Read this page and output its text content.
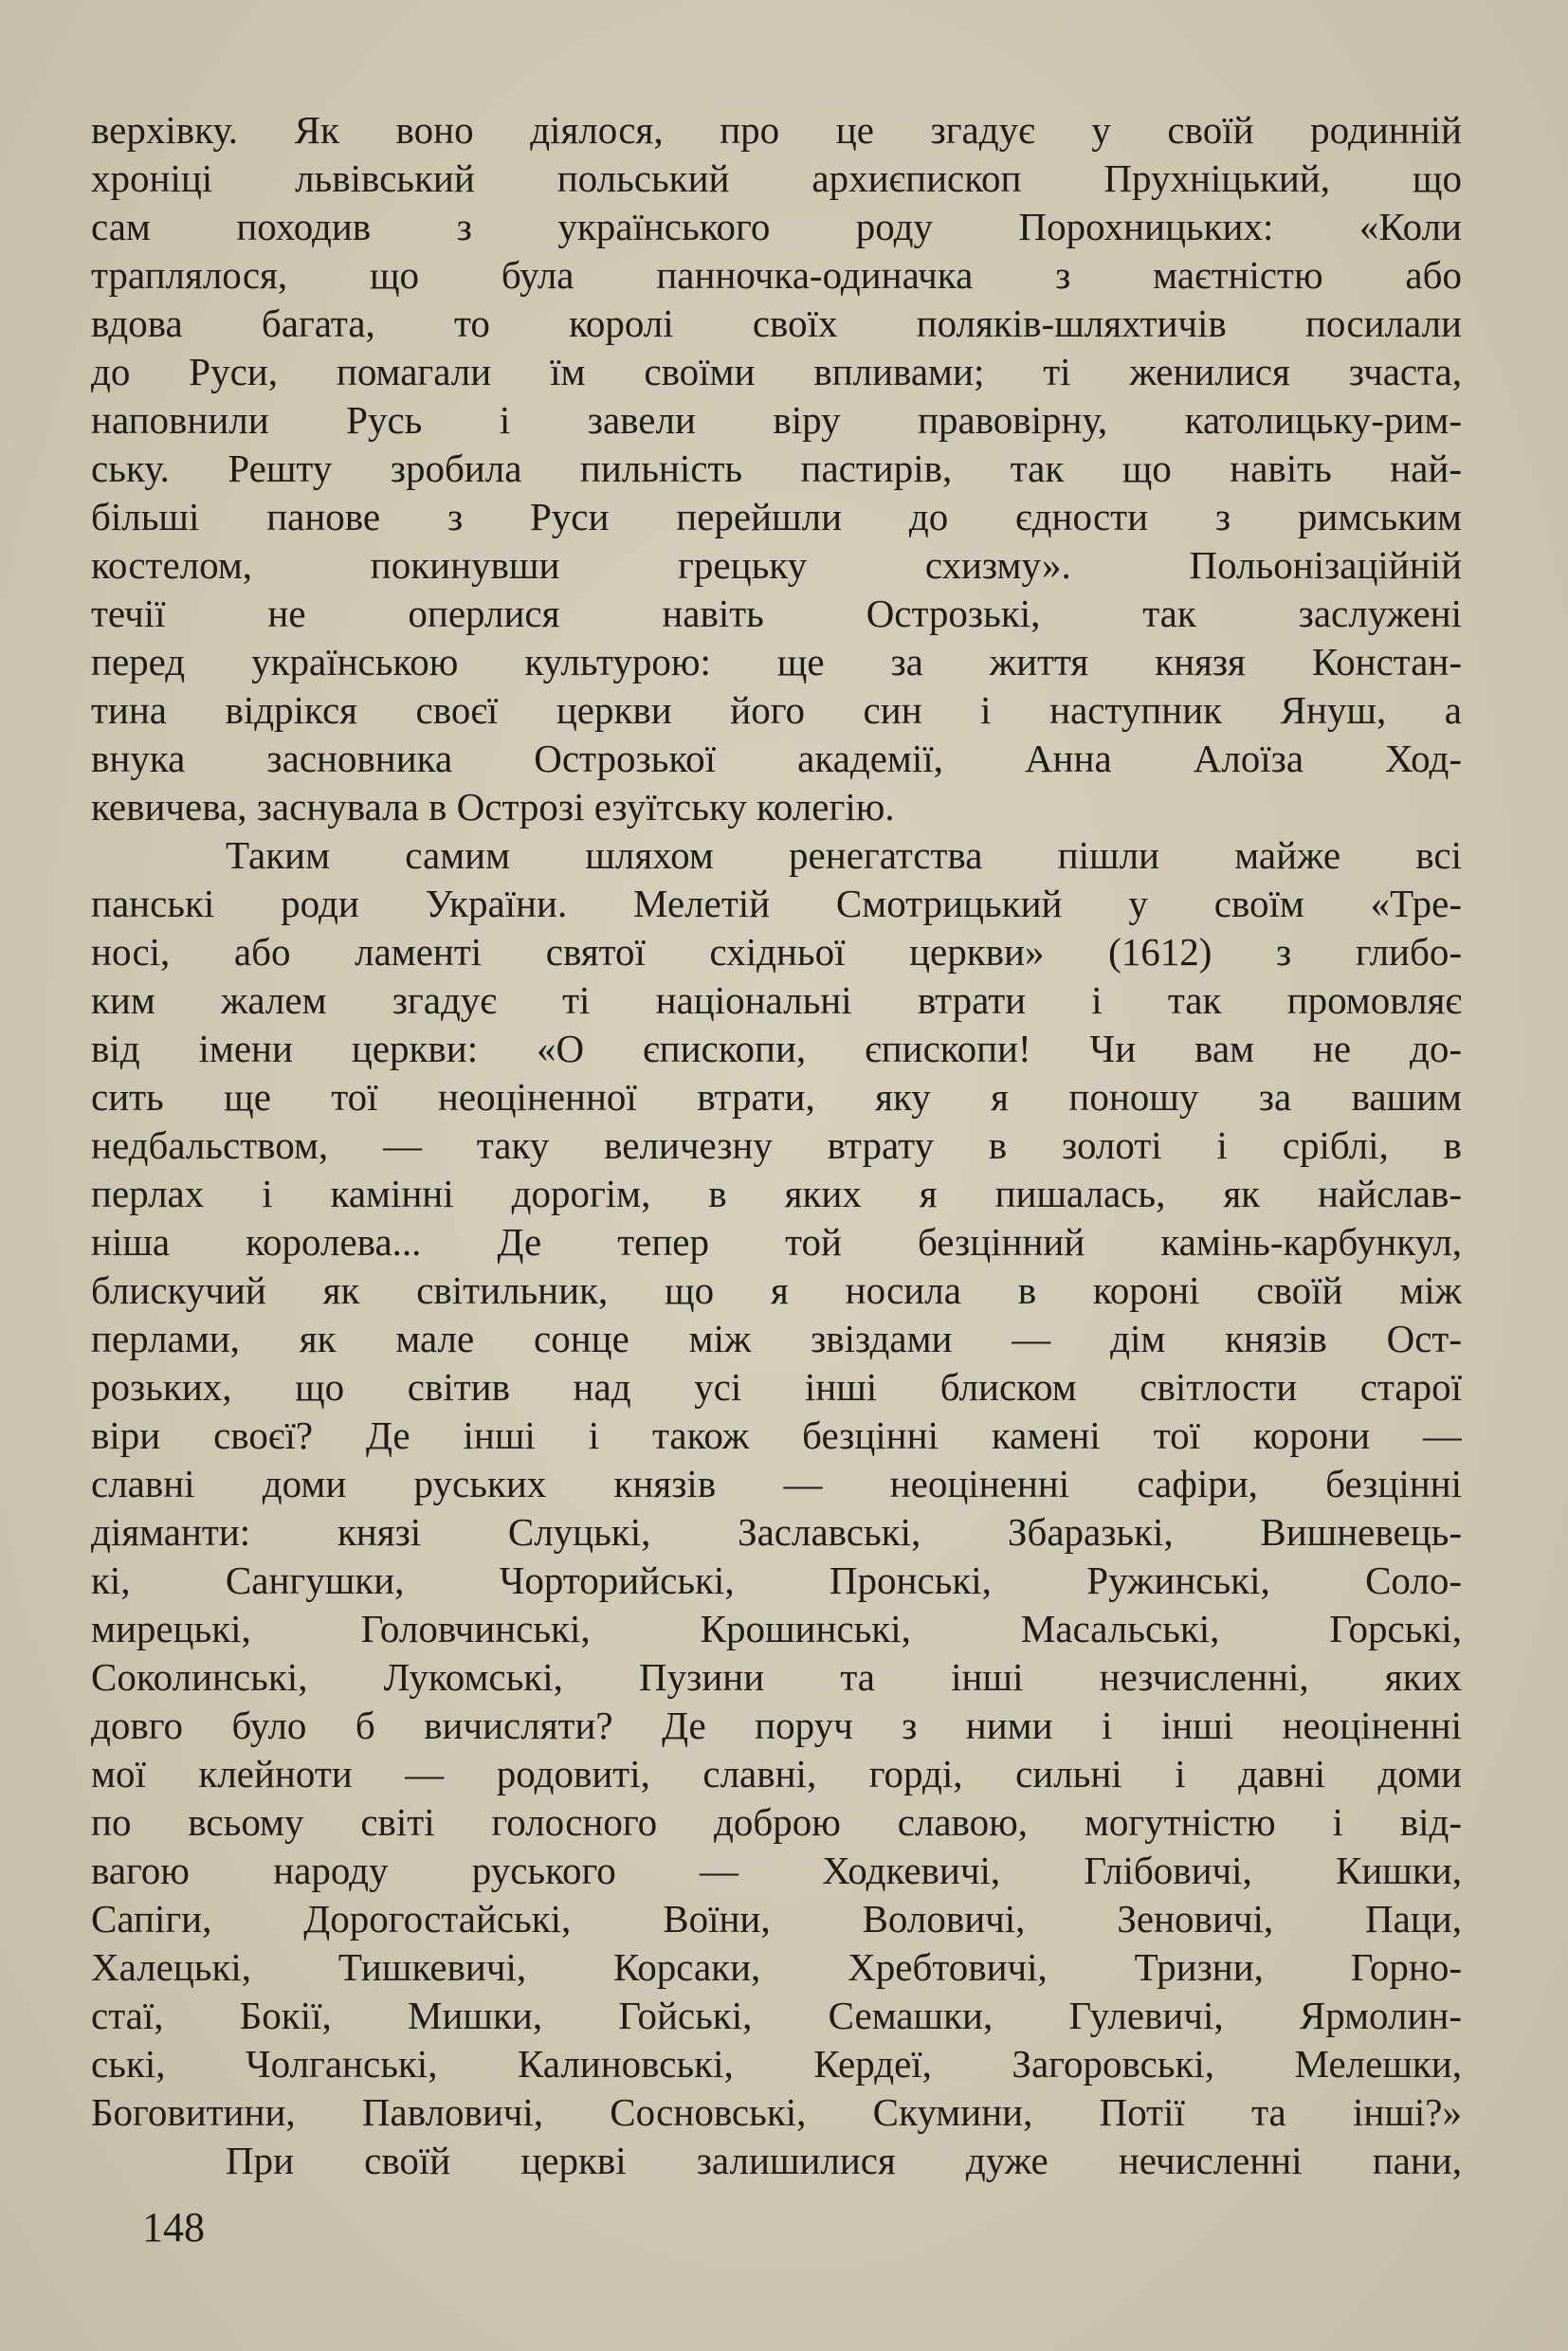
верхівку. Як воно діялося, про це згадує у своїй родинній
хроніці львівський польський архиєпископ Прухніцький, що
сам походив з українського роду Порохницьких: «Коли
траплялося, що була панночка-одиначка з маєтністю або
вдова багата, то королі своїх поляків-шляхтичів посилали
до Руси, помагали їм своїми впливами; ті женилися зчаста,
наповнили Русь і завели віру правовірну, католицьку-рим-
ську. Решту зробила пильність пастирів, так що навіть най-
більші панове з Руси перейшли до єдности з римським
костелом, покинувши грецьку схизму». Польонізаційній
течії не оперлися навіть Острозькі, так заслужені
перед українською культурою: ще за життя князя Констан-
тина відрікся своєї церкви його син і наступник Януш, а
внука засновника Острозької академії, Анна Алоїза Ход-
кевичева, заснувала в Острозі езуїтську колегію.
Таким самим шляхом ренегатства пішли майже всі
панські роди України. Мелетій Смотрицький у своїм «Тре-
носі, або ламенті святої східньої церкви» (1612) з глибо-
ким жалем згадує ті національні втрати і так промовляє
від імени церкви: «О єпископи, єпископи! Чи вам не до-
сить ще тої неоціненної втрати, яку я поношу за вашим
недбальством, — таку величезну втрату в золоті і сріблі, в
перлах і камінні дорогім, в яких я пишалась, як найслав-
ніша королева... Де тепер той безцінний камінь-карбункул,
блискучий як світильник, що я носила в короні своїй між
перлами, як мале сонце між звіздами — дім князів Ост-
розьких, що світив над усі інші блиском світлости старої
віри своєї? Де інші і також безцінні камені тої корони —
славні доми руських князів — неоціненні сафіри, безцінні
діяманти: князі Слуцькі, Заславські, Збаразькі, Вишневець-
кі, Сангушки, Чорторийські, Пронські, Ружинські, Соло-
мирецькі, Головчинські, Крошинські, Масальські, Горські,
Соколинські, Лукомські, Пузини та інші незчисленні, яких
довго було б вичисляти? Де поруч з ними і інші неоціненні
мої клейноти — родовиті, славні, горді, сильні і давні доми
по всьому світі голосного доброю славою, могутністю і від-
вагою народу руського — Ходкевичі, Глібовичі, Кишки,
Сапіги, Дорогостайські, Воїни, Воловичі, Зеновичі, Паци,
Халецькі, Тишкевичі, Корсаки, Хребтовичі, Тризни, Горно-
стаї, Бокії, Мишки, Гойські, Семашки, Гулевичі, Ярмолин-
ські, Чолганські, Калиновські, Кердеї, Загоровські, Мелешки,
Боговитини, Павловичі, Сосновські, Скумини, Потії та інші?»
При своїй церкві залишилися дуже нечисленні пани,
148
